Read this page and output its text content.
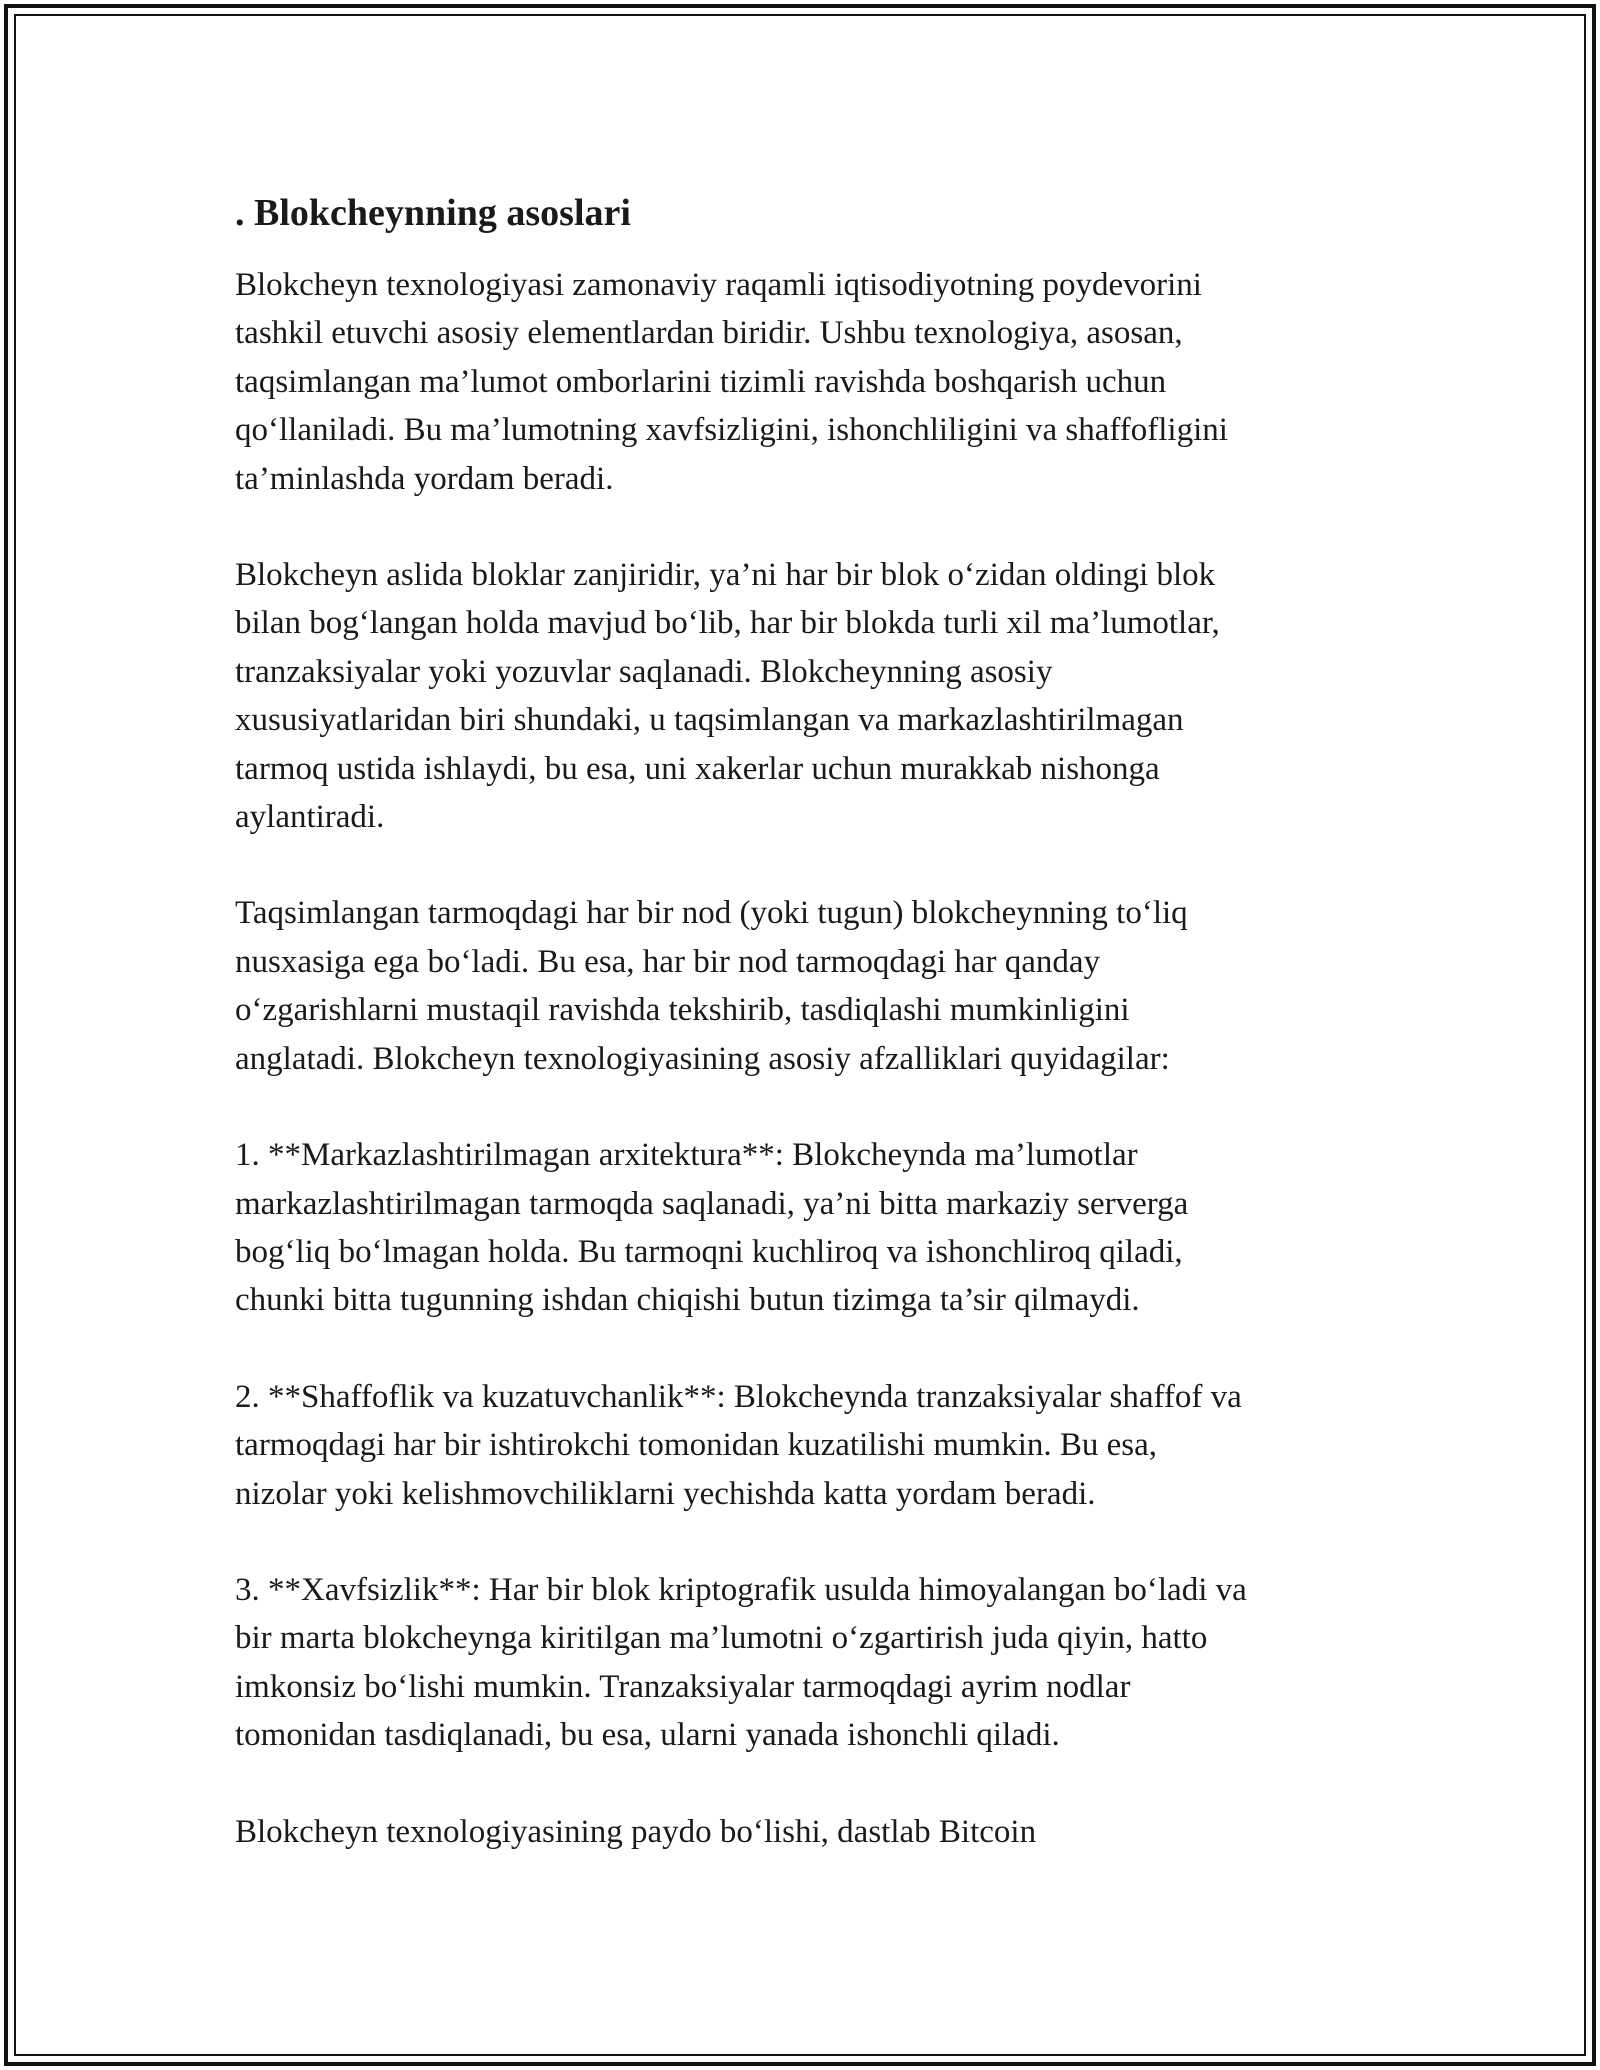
. Blokcheynning asoslari
Blokcheyn texnologiyasi zamonaviy raqamli iqtisodiyotning poydevorini
tashkil etuvchi asosiy elementlardan biridir. Ushbu texnologiya, asosan,
taqsimlangan ma’lumot omborlarini tizimli ravishda boshqarish uchun
qo‘llaniladi. Bu ma’lumotning xavfsizligini, ishonchliligini va shaffofligini
ta’minlashda yordam beradi.
Blokcheyn aslida bloklar zanjiridir, ya’ni har bir blok o‘zidan oldingi blok
bilan bog‘langan holda mavjud bo‘lib, har bir blokda turli xil ma’lumotlar,
tranzaksiyalar yoki yozuvlar saqlanadi. Blokcheynning asosiy
xususiyatlaridan biri shundaki, u taqsimlangan va markazlashtirilmagan
tarmoq ustida ishlaydi, bu esa, uni xakerlar uchun murakkab nishonga
aylantiradi.
Taqsimlangan tarmoqdagi har bir nod (yoki tugun) blokcheynning to‘liq
nusxasiga ega bo‘ladi. Bu esa, har bir nod tarmoqdagi har qanday
o‘zgarishlarni mustaqil ravishda tekshirib, tasdiqlashi mumkinligini
anglatadi. Blokcheyn texnologiyasining asosiy afzalliklari quyidagilar:
1. **Markazlashtirilmagan arxitektura**: Blokcheynda ma’lumotlar
markazlashtirilmagan tarmoqda saqlanadi, ya’ni bitta markaziy serverga
bog‘liq bo‘lmagan holda. Bu tarmoqni kuchliroq va ishonchliroq qiladi,
chunki bitta tugunning ishdan chiqishi butun tizimga ta’sir qilmaydi.
2. **Shaffoflik va kuzatuvchanlik**: Blokcheynda tranzaksiyalar shaffof va
tarmoqdagi har bir ishtirokchi tomonidan kuzatilishi mumkin. Bu esa,
nizolar yoki kelishmovchiliklarni yechishda katta yordam beradi.
3. **Xavfsizlik**: Har bir blok kriptografik usulda himoyalangan bo‘ladi va
bir marta blokcheynga kiritilgan ma’lumotni o‘zgartirish juda qiyin, hatto
imkonsiz bo‘lishi mumkin. Tranzaksiyalar tarmoqdagi ayrim nodlar
tomonidan tasdiqlanadi, bu esa, ularni yanada ishonchli qiladi.
Blokcheyn texnologiyasining paydo bo‘lishi, dastlab Bitcoin
